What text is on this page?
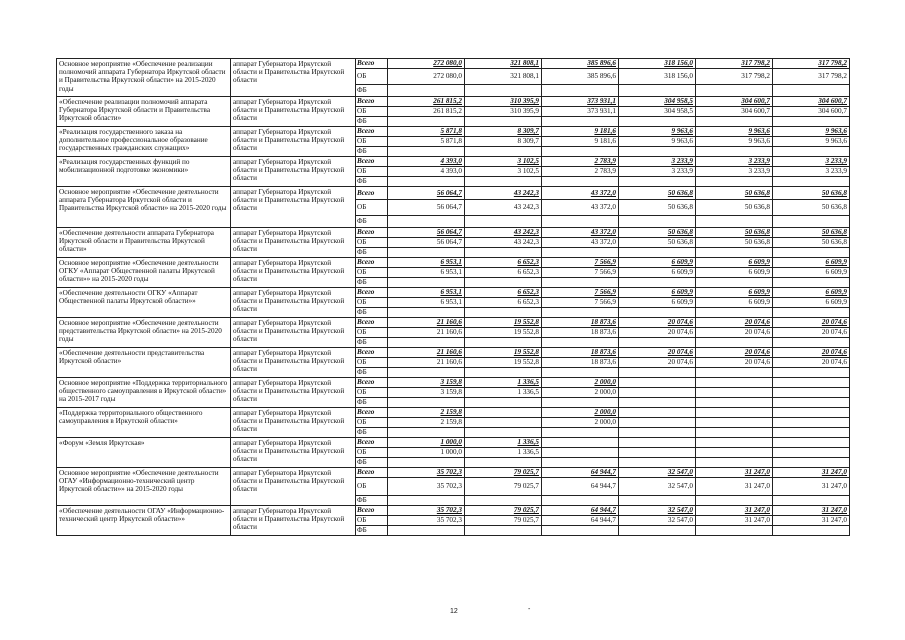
Основное мероприятие «Обеспечение реализации полномочий аппарата Губернатора Иркутской области и Правительства Иркутской области» на 2015-2020 годы	аппарат Губернатора Иркутской области и Правительства Иркутской области	Всего	272 080,0	321 808,1	385 896,6	318 156,0	317 798,2	317 798,2
		ОБ	272 080,0	321 808,1	385 896,6	318 156,0	317 798,2	317 798,2
		ФБ						
«Обеспечение реализации полномочий аппарата Губернатора Иркутской области и Правительства Иркутской области»	аппарат Губернатора Иркутской области и Правительства Иркутской области	Всего	261 815,2	310 395,9	373 931,1	304 958,5	304 600,7	304 600,7
		ОБ	261 815,2	310 395,9	373 931,1	304 958,5	304 600,7	304 600,7
		ФБ						
«Реализация государственного заказа на дополнительное профессиональное образование государственных гражданских служащих»	аппарат Губернатора Иркутской области и Правительства Иркутской области	Всего	5 871,8	8 309,7	9 181,6	9 963,6	9 963,6	9 963,6
		ОБ	5 871,8	8 309,7	9 181,6	9 963,6	9 963,6	9 963,6
		ФБ						
«Реализация государственных функций по мобилизационной подготовке экономики»	аппарат Губернатора Иркутской области и Правительства Иркутской области	Всего	4 393,0	3 102,5	2 783,9	3 233,9	3 233,9	3 233,9
		ОБ	4 393,0	3 102,5	2 783,9	3 233,9	3 233,9	3 233,9
		ФБ						
Основное мероприятие «Обеспечение деятельности аппарата Губернатора Иркутской области и Правительства Иркутской области» на 2015-2020 годы	аппарат Губернатора Иркутской области и Правительства Иркутской области	Всего	56 064,7	43 242,3	43 372,0	50 636,8	50 636,8	50 636,8
		ОБ	56 064,7	43 242,3	43 372,0	50 636,8	50 636,8	50 636,8
		ФБ						
«Обеспечение деятельности аппарата Губернатора Иркутской области и Правительства Иркутской области»	аппарат Губернатора Иркутской области и Правительства Иркутской области	Всего	56 064,7	43 242,3	43 372,0	50 636,8	50 636,8	50 636,8
		ОБ	56 064,7	43 242,3	43 372,0	50 636,8	50 636,8	50 636,8
		ФБ						
Основное мероприятие «Обеспечение деятельности ОГКУ «Аппарат Общественной палаты Иркутской области»» на 2015-2020 годы	аппарат Губернатора Иркутской области и Правительства Иркутской области	Всего	6 953,1	6 652,3	7 566,9	6 609,9	6 609,9	6 609,9
		ОБ	6 953,1	6 652,3	7 566,9	6 609,9	6 609,9	6 609,9
		ФБ						
«Обеспечение деятельности ОГКУ «Аппарат Общественной палаты Иркутской области»»	аппарат Губернатора Иркутской области и Правительства Иркутской области	Всего	6 953,1	6 652,3	7 566,9	6 609,9	6 609,9	6 609,9
		ОБ	6 953,1	6 652,3	7 566,9	6 609,9	6 609,9	6 609,9
		ФБ						
Основное мероприятие «Обеспечение деятельности представительства Иркутской области» на 2015-2020 годы	аппарат Губернатора Иркутской области и Правительства Иркутской области	Всего	21 160,6	19 552,8	18 873,6	20 074,6	20 074,6	20 074,6
		ОБ	21 160,6	19 552,8	18 873,6	20 074,6	20 074,6	20 074,6
		ФБ						
«Обеспечение деятельности представительства Иркутской области»	аппарат Губернатора Иркутской области и Правительства Иркутской области	Всего	21 160,6	19 552,8	18 873,6	20 074,6	20 074,6	20 074,6
		ОБ	21 160,6	19 552,8	18 873,6	20 074,6	20 074,6	20 074,6
		ФБ						
Основное мероприятие «Поддержка территориального общественного самоуправления в Иркутской области» на 2015-2017 годы	аппарат Губернатора Иркутской области и Правительства Иркутской области	Всего	3 159,8	1 336,5	2 000,0			
		ОБ	3 159,8	1 336,5	2 000,0			
		ФБ						
«Поддержка территориального общественного самоуправления в Иркутской области»	аппарат Губернатора Иркутской области и Правительства Иркутской области	Всего	2 159,8		2 000,0			
		ОБ	2 159,8		2 000,0			
		ФБ						
«Форум «Земля Иркутская»	аппарат Губернатора Иркутской области и Правительства Иркутской области	Всего	1 000,0	1 336,5				
		ОБ	1 000,0	1 336,5				
		ФБ						
Основное мероприятие «Обеспечение деятельности ОГАУ «Информационно-технический центр Иркутской области»» на 2015-2020 годы	аппарат Губернатора Иркутской области и Правительства Иркутской области	Всего	35 702,3	79 025,7	64 944,7	32 547,0	31 247,0	31 247,0
		ОБ	35 702,3	79 025,7	64 944,7	32 547,0	31 247,0	31 247,0
		ФБ						
«Обеспечение деятельности ОГАУ «Информационно-технический центр Иркутской области»»	аппарат Губернатора Иркутской области и Правительства Иркутской области	Всего	35 702,3	79 025,7	64 944,7	32 547,0	31 247,0	31 247,0
		ОБ	35 702,3	79 025,7	64 944,7	32 547,0	31 247,0	31 247,0
		ФБ						
12	-
